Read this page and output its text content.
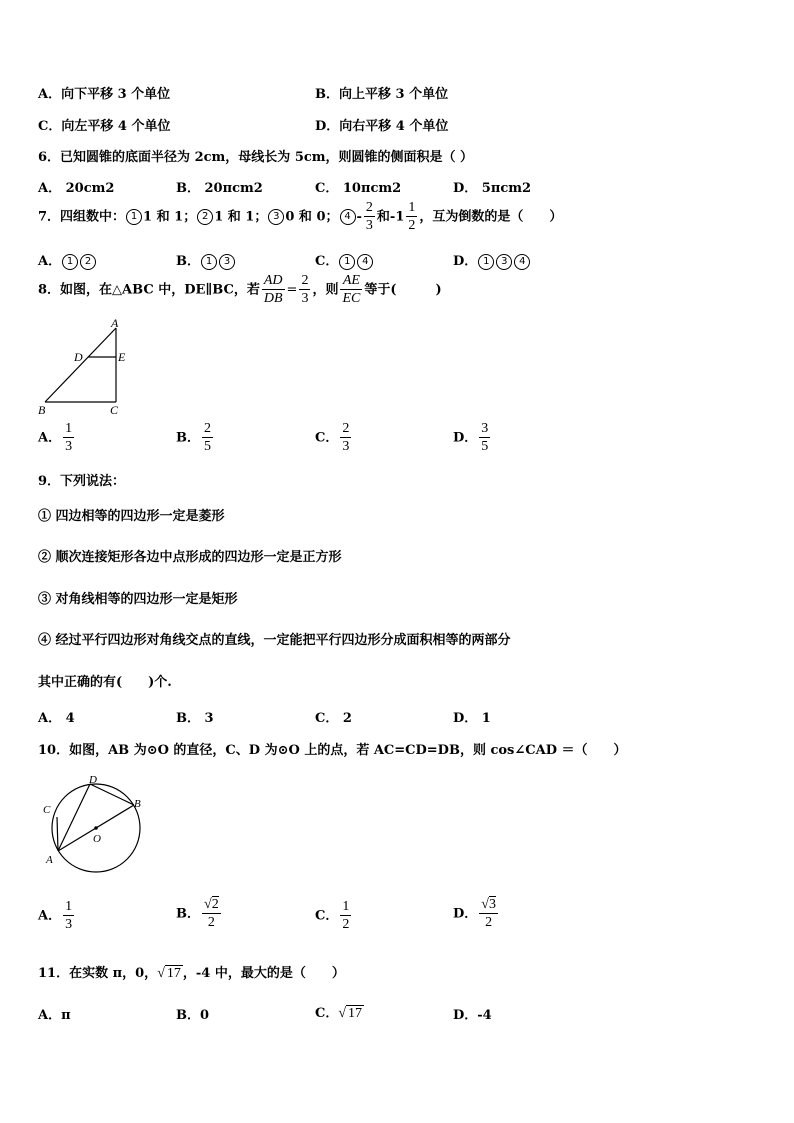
A．向下平移 3 个单位	B．向上平移 3 个单位
C．向左平移 4 个单位	D．向右平移 4 个单位
6．已知圆锥的底面半径为 2cm，母线长为 5cm，则圆锥的侧面积是（ ）
A． 20cm2	B． 20πcm2	C． 10πcm2	D． 5πcm2
7．四组数中： 1 1 和 1； 2 1 和 1； 3 0 和 0； $4 - \frac{2}{3}$ 和$-1 \frac{1}{2}$ ，互为倒数的是（　　）
A． 1 2	B． 1 3	C． 1 4	D． 1 3 4
8．如图，在△ABC 中，DE∥BC，若 $\frac{AD}{DB} = \frac{2}{3}$ ，则 $\frac{AE}{EC}$ 等于(　　　)
A
D	E
B	C
A． $\frac{1}{3}$	B． $\frac{2}{5}$	C． $\frac{2}{3}$	D． $\frac{3}{5}$
9．下列说法：
① 四边相等的四边形一定是菱形
② 顺次连接矩形各边中点形成的四边形一定是正方形
③ 对角线相等的四边形一定是矩形
④ 经过平行四边形对角线交点的直线，一定能把平行四边形分成面积相等的两部分
其中正确的有(　　)个.
A． 4	B． 3	C． 2	D． 1
10．如图，AB 为⊙O 的直径，C、D 为⊙O 上的点，若 AC=CD=DB，则 cos∠CAD ＝（　　）
D
C	B
O
A
A． $\frac{1}{3}$	B． $\frac{√2}{2}$	C． $\frac{1}{2}$	D． $\frac{√3}{2}$
11．在实数 π，0，√ 17 ，-4 中，最大的是（　　）
A．π	B．0	C．√ 17	D．-4
